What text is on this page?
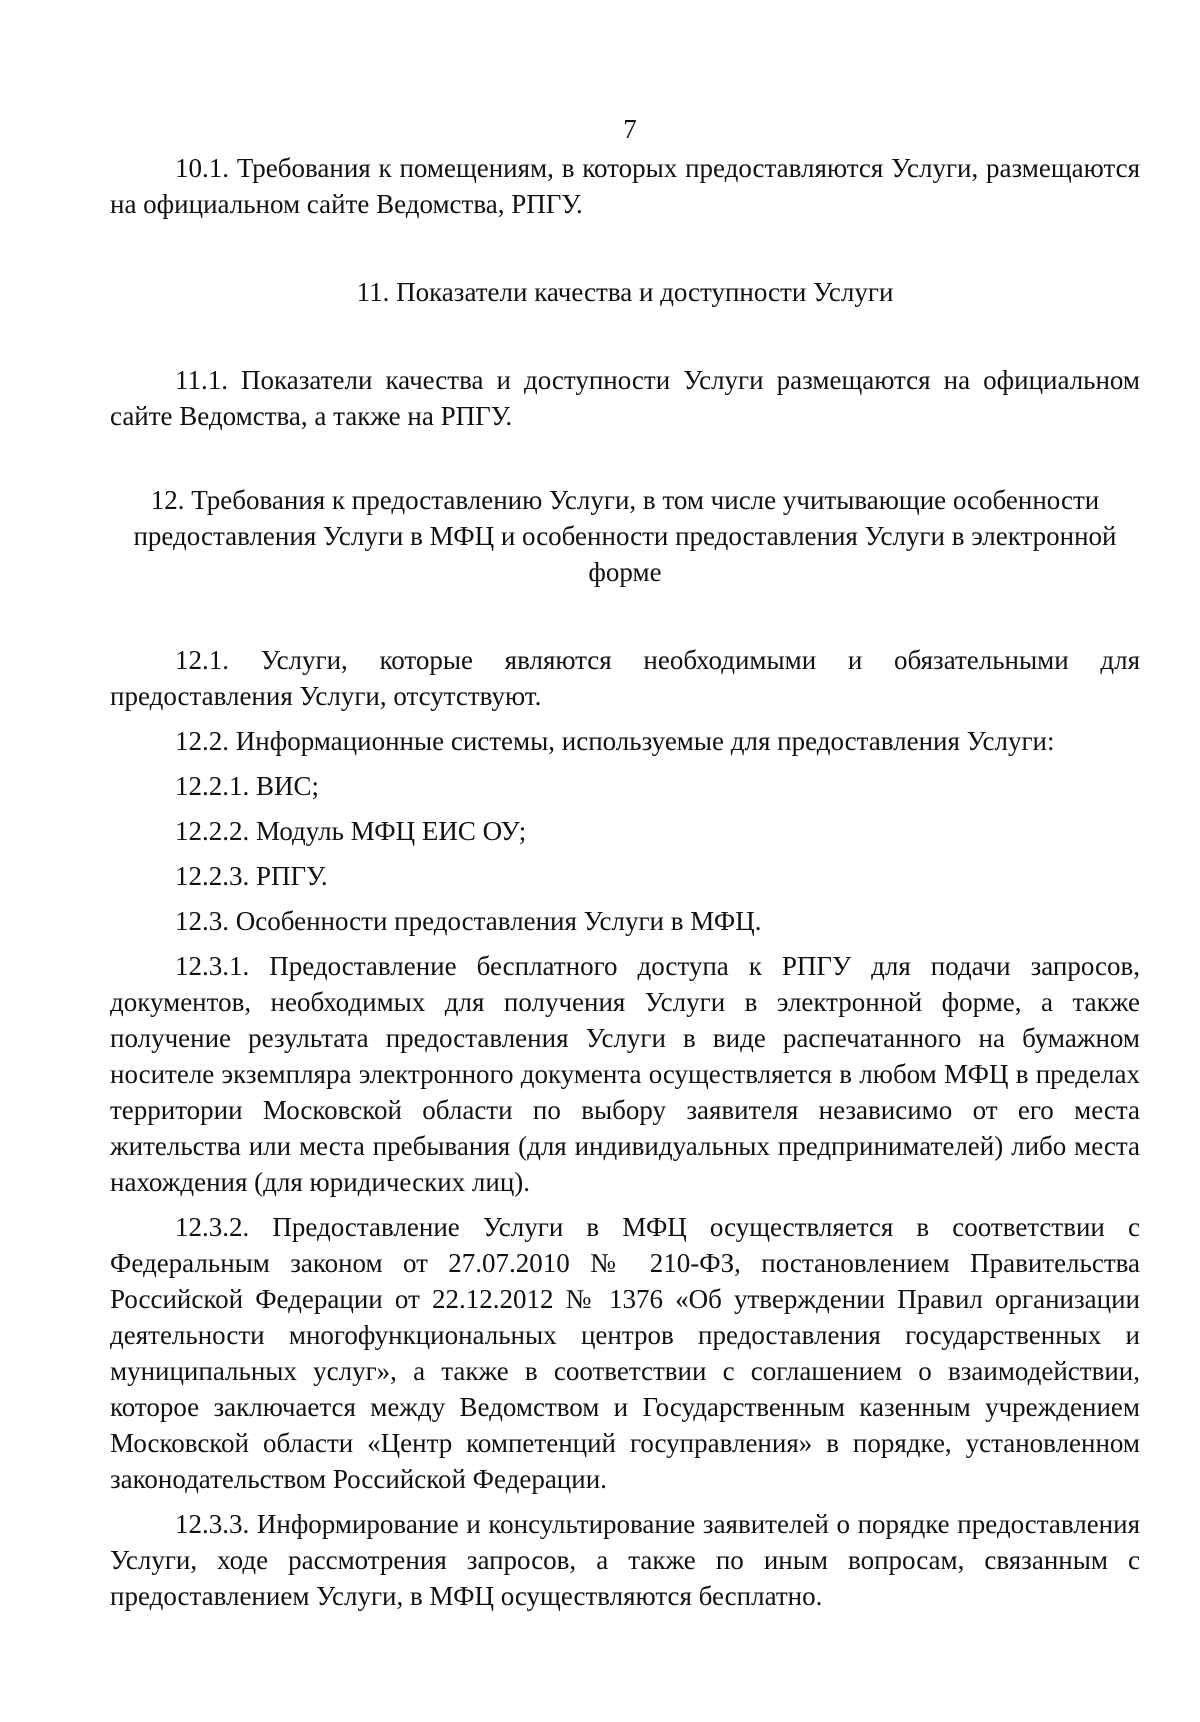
7

10.1. Требования к помещениям, в которых предоставляются Услуги, размещаются на официальном сайте Ведомства, РПГУ.

11. Показатели качества и доступности Услуги

11.1. Показатели качества и доступности Услуги размещаются на официальном сайте Ведомства, а также на РПГУ.

12. Требования к предоставлению Услуги, в том числе учитывающие особенности предоставления Услуги в МФЦ и особенности предоставления Услуги в электронной форме

12.1. Услуги, которые являются необходимыми и обязательными для предоставления Услуги, отсутствуют.

12.2. Информационные системы, используемые для предоставления Услуги:

12.2.1. ВИС;

12.2.2. Модуль МФЦ ЕИС ОУ;

12.2.3. РПГУ.

12.3. Особенности предоставления Услуги в МФЦ.

12.3.1. Предоставление бесплатного доступа к РПГУ для подачи запросов, документов, необходимых для получения Услуги в электронной форме, а также получение результата предоставления Услуги в виде распечатанного на бумажном носителе экземпляра электронного документа осуществляется в любом МФЦ в пределах территории Московской области по выбору заявителя независимо от его места жительства или места пребывания (для индивидуальных предпринимателей) либо места нахождения (для юридических лиц).

12.3.2. Предоставление Услуги в МФЦ осуществляется в соответствии с Федеральным законом от 27.07.2010 № 210-ФЗ, постановлением Правительства Российской Федерации от 22.12.2012 № 1376 «Об утверждении Правил организации деятельности многофункциональных центров предоставления государственных и муниципальных услуг», а также в соответствии с соглашением о взаимодействии, которое заключается между Ведомством и Государственным казенным учреждением Московской области «Центр компетенций госуправления» в порядке, установленном законодательством Российской Федерации.

12.3.3. Информирование и консультирование заявителей о порядке предоставления Услуги, ходе рассмотрения запросов, а также по иным вопросам, связанным с предоставлением Услуги, в МФЦ осуществляются бесплатно.
